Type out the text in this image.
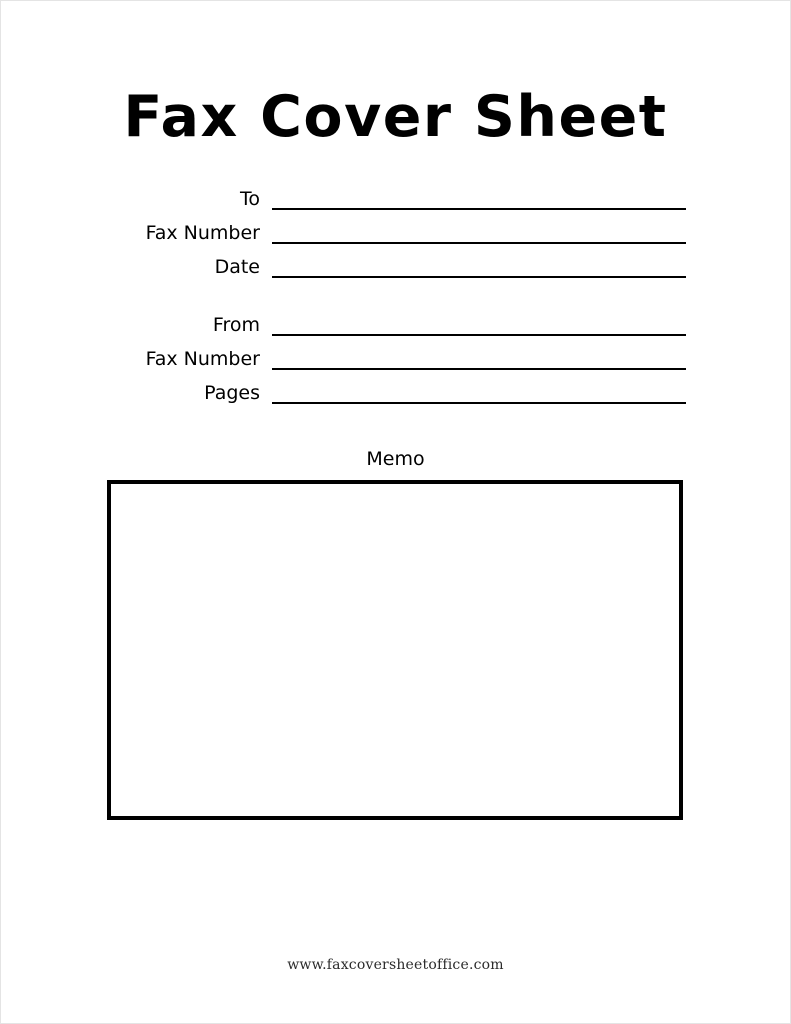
Fax Cover Sheet
To
Fax Number
Date
From
Fax Number
Pages
Memo
www.faxcoversheetoffice.com
